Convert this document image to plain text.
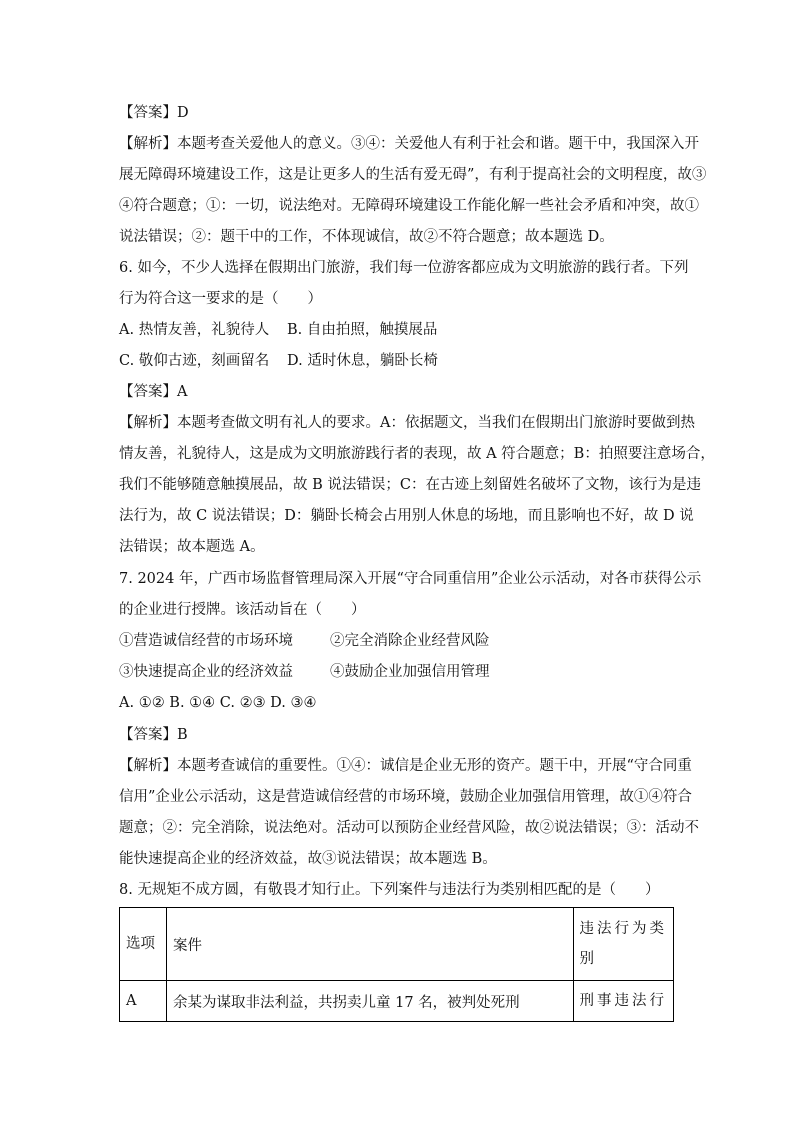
【答案】D
【解析】本题考查关爱他人的意义。③④：关爱他人有利于社会和谐。题干中，我国深入开
展无障碍环境建设工作，这是让更多人的生活有爱无碍”，有利于提高社会的文明程度，故③
④符合题意；①：一切，说法绝对。无障碍环境建设工作能化解一些社会矛盾和冲突，故①
说法错误；②：题干中的工作，不体现诚信，故②不符合题意；故本题选 D。
6. 如今，不少人选择在假期出门旅游，我们每一位游客都应成为文明旅游的践行者。下列
行为符合这一要求的是（　　）
A. 热情友善，礼貌待人 B. 自由拍照，触摸展品
C. 敬仰古迹，刻画留名 D. 适时休息，躺卧长椅
【答案】A
【解析】本题考查做文明有礼人的要求。A：依据题文，当我们在假期出门旅游时要做到热
情友善，礼貌待人，这是成为文明旅游践行者的表现，故 A 符合题意；B：拍照要注意场合，
我们不能够随意触摸展品，故 B 说法错误；C：在古迹上刻留姓名破坏了文物，该行为是违
法行为，故 C 说法错误；D：躺卧长椅会占用别人休息的场地，而且影响也不好，故 D 说
法错误；故本题选 A。
7. 2024 年，广西市场监督管理局深入开展“守合同重信用”企业公示活动，对各市获得公示
的企业进行授牌。该活动旨在（　　）
①营造诚信经营的市场环境	②完全消除企业经营风险
③快速提高企业的经济效益	④鼓励企业加强信用管理
A. ①② B. ①④ C. ②③ D. ③④
【答案】B
【解析】本题考查诚信的重要性。①④：诚信是企业无形的资产。题干中，开展“守合同重
信用”企业公示活动，这是营造诚信经营的市场环境，鼓励企业加强信用管理，故①④符合
题意；②：完全消除，说法绝对。活动可以预防企业经营风险，故②说法错误；③：活动不
能快速提高企业的经济效益，故③说法错误；故本题选 B。
8. 无规矩不成方圆，有敬畏才知行止。下列案件与违法行为类别相匹配的是（　　）
选项	案件	违法行为类别
A	余某为谋取非法利益，共拐卖儿童 17 名，被判处死刑	刑事违法行
